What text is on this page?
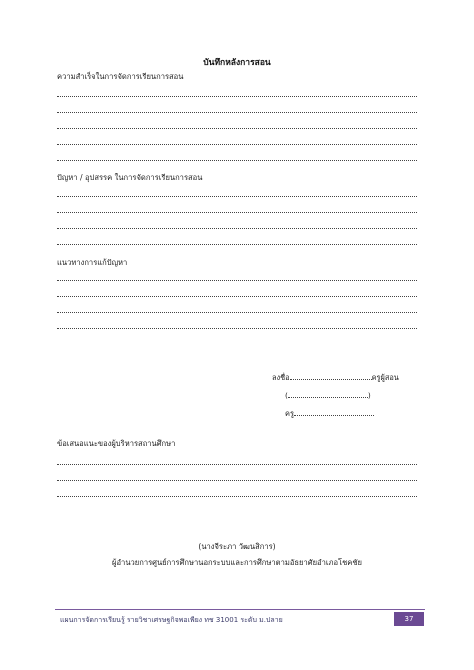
บันทึกหลังการสอน
ความสำเร็จในการจัดการเรียนการสอน
ปัญหา / อุปสรรค ในการจัดการเรียนการสอน
แนวทางการแก้ปัญหา
ลงชื่อ	ครูผู้สอน
(	)
ครู
ข้อเสนอแนะของผู้บริหารสถานศึกษา
(นางจีระภา วัฒนสิการ)
ผู้อำนวยการศูนย์การศึกษานอกระบบและการศึกษาตามอัธยาศัยอำเภอโชคชัย
แผนการจัดการเรียนรู้ รายวิชาเศรษฐกิจพอเพียง ทช 31001 ระดับ ม.ปลาย	37
